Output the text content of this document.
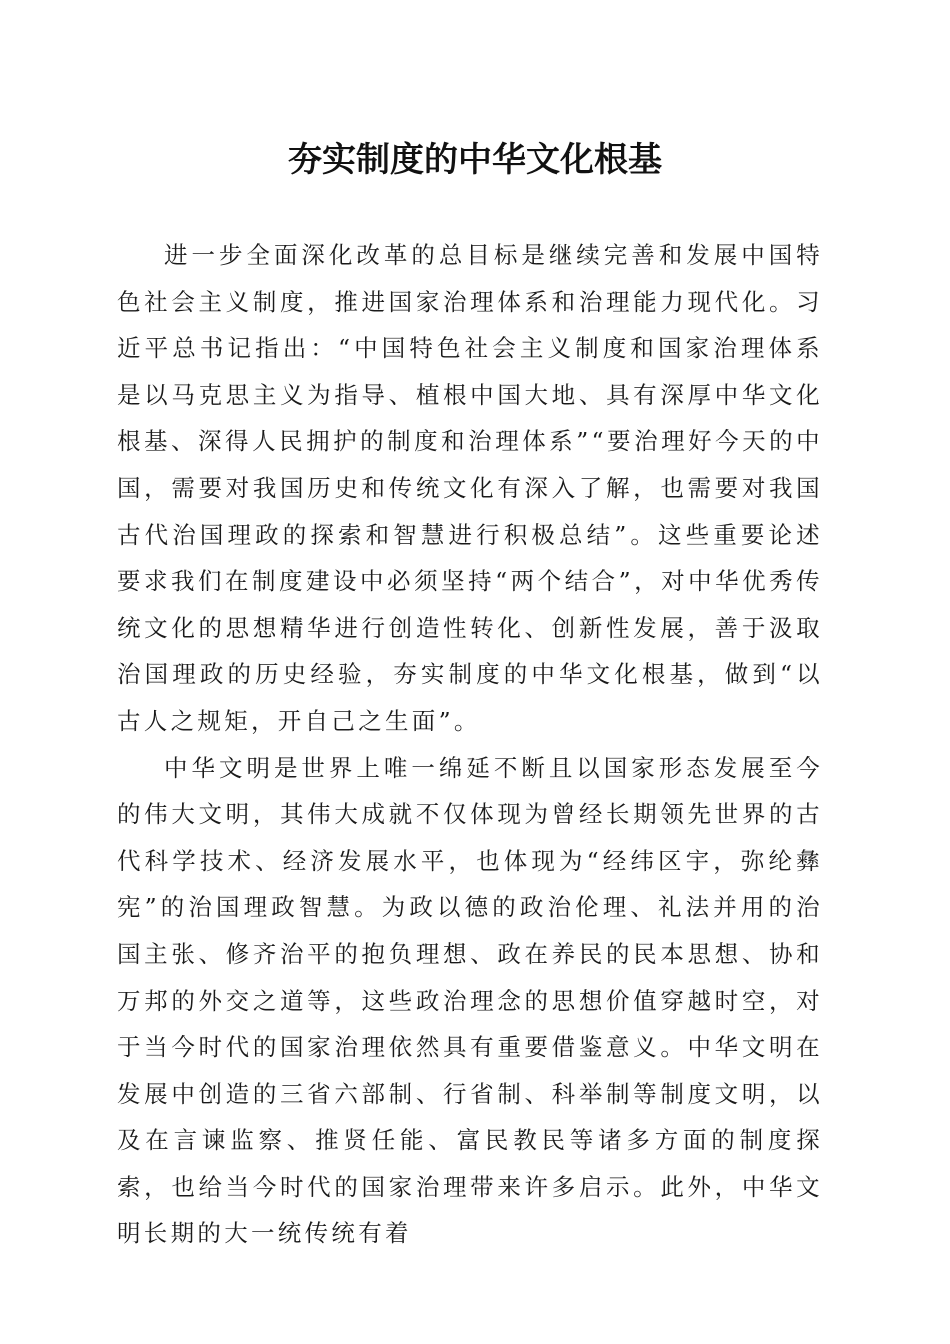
夯实制度的中华文化根基

进一步全面深化改革的总目标是继续完善和发展中国特色社会主义制度，推进国家治理体系和治理能力现代化。习近平总书记指出：“中国特色社会主义制度和国家治理体系是以马克思主义为指导、植根中国大地、具有深厚中华文化根基、深得人民拥护的制度和治理体系”“要治理好今天的中国，需要对我国历史和传统文化有深入了解，也需要对我国古代治国理政的探索和智慧进行积极总结”。这些重要论述要求我们在制度建设中必须坚持“两个结合”，对中华优秀传统文化的思想精华进行创造性转化、创新性发展，善于汲取治国理政的历史经验，夯实制度的中华文化根基，做到“以古人之规矩，开自己之生面”。

中华文明是世界上唯一绵延不断且以国家形态发展至今的伟大文明，其伟大成就不仅体现为曾经长期领先世界的古代科学技术、经济发展水平，也体现为“经纬区宇，弥纶彝宪”的治国理政智慧。为政以德的政治伦理、礼法并用的治国主张、修齐治平的抱负理想、政在养民的民本思想、协和万邦的外交之道等，这些政治理念的思想价值穿越时空，对于当今时代的国家治理依然具有重要借鉴意义。中华文明在发展中创造的三省六部制、行省制、科举制等制度文明，以及在言谏监察、推贤任能、富民教民等诸多方面的制度探索，也给当今时代的国家治理带来许多启示。此外，中华文明长期的大一统传统有着
